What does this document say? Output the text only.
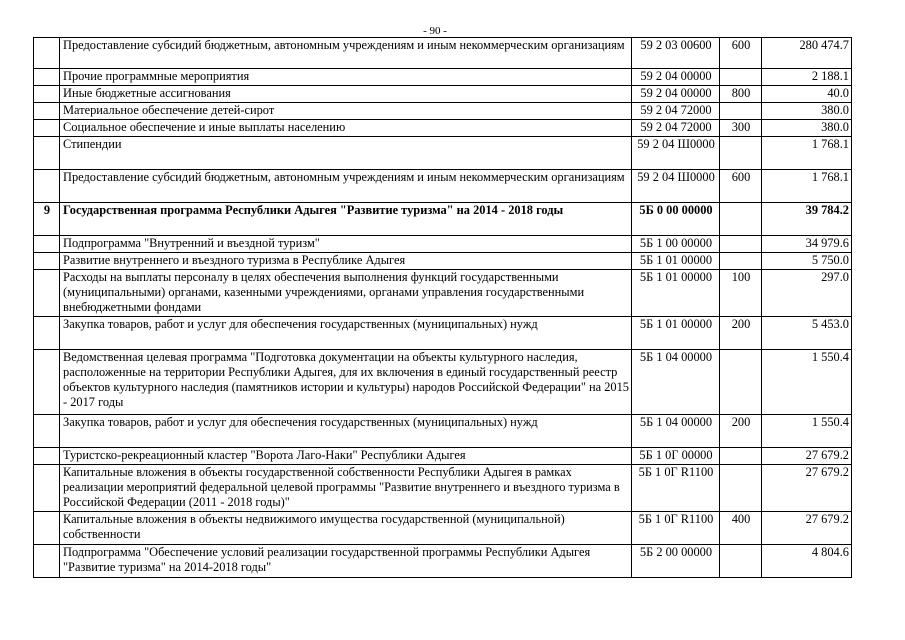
- 90 -
	Предоставление субсидий бюджетным, автономным учреждениям и иным некоммерческим организациям	59 2 03 00600	600	280 474.7
	Прочие программные мероприятия	59 2 04 00000		2 188.1
	Иные бюджетные ассигнования	59 2 04 00000	800	40.0
	Материальное обеспечение детей-сирот	59 2 04 72000		380.0
	Социальное обеспечение и иные выплаты населению	59 2 04 72000	300	380.0
	Стипендии	59 2 04 Ш0000		1 768.1
	Предоставление субсидий бюджетным, автономным учреждениям и иным некоммерческим организациям	59 2 04 Ш0000	600	1 768.1
9	Государственная программа Республики Адыгея "Развитие туризма" на 2014 - 2018 годы	5Б 0 00 00000		39 784.2
	Подпрограмма "Внутренний и въездной туризм"	5Б 1 00 00000		34 979.6
	Развитие внутреннего и въездного туризма в Республике Адыгея	5Б 1 01 00000		5 750.0
	Расходы на выплаты персоналу в целях обеспечения выполнения функций государственными (муниципальными) органами, казенными учреждениями, органами управления государственными внебюджетными фондами	5Б 1 01 00000	100	297.0
	Закупка товаров, работ и услуг для обеспечения государственных (муниципальных) нужд	5Б 1 01 00000	200	5 453.0
	Ведомственная целевая программа "Подготовка документации на объекты культурного наследия, расположенные на территории Республики Адыгея, для их включения в единый государственный реестр объектов культурного наследия (памятников истории и культуры) народов Российской Федерации" на 2015 - 2017 годы	5Б 1 04 00000		1 550.4
	Закупка товаров, работ и услуг для обеспечения государственных (муниципальных) нужд	5Б 1 04 00000	200	1 550.4
	Туристско-рекреационный кластер "Ворота Лаго-Наки" Республики Адыгея	5Б 1 0Г 00000		27 679.2
	Капитальные вложения в объекты государственной собственности Республики Адыгея в рамках реализации мероприятий федеральной целевой программы "Развитие внутреннего и въездного туризма в Российской Федерации (2011 - 2018 годы)"	5Б 1 0Г R1100		27 679.2
	Капитальные вложения в объекты недвижимого имущества государственной (муниципальной) собственности	5Б 1 0Г R1100	400	27 679.2
	Подпрограмма "Обеспечение условий реализации государственной программы Республики Адыгея "Развитие туризма" на 2014-2018 годы"	5Б 2 00 00000		4 804.6
